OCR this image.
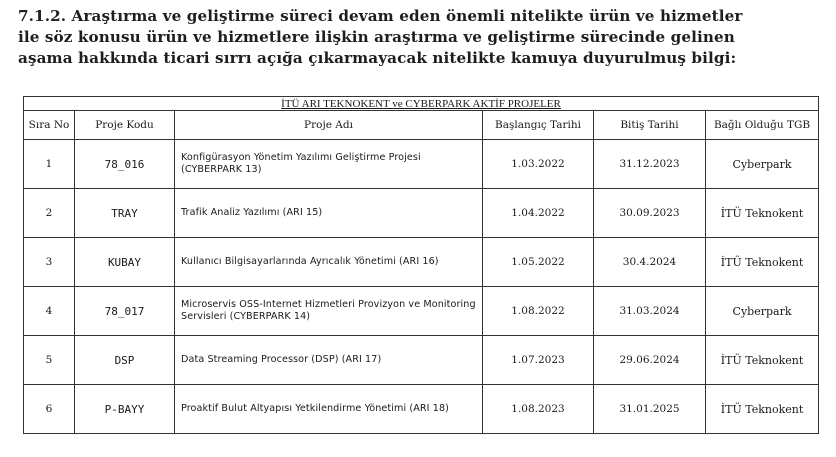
7.1.2. Araştırma ve geliştirme süreci devam eden önemli nitelikte ürün ve hizmetler

ile söz konusu ürün ve hizmetlere ilişkin araştırma ve geliştirme sürecinde gelinen

aşama hakkında ticari sırrı açığa çıkarmayacak nitelikte kamuya duyurulmuş bilgi:

İTÜ ARI TEKNOKENT ve CYBERPARK AKTİF PROJELER					
Sıra No	Proje Kodu	Proje Adı	Başlangıç Tarihi	Bitiş Tarihi	Bağlı Olduğu TGB
1	78_016	Konfigürasyon Yönetim Yazılımı Geliştirme Projesi (CYBERPARK 13)	1.03.2022	31.12.2023	Cyberpark
2	TRAY	Trafik Analiz Yazılımı (ARI 15)	1.04.2022	30.09.2023	İTÜ Teknokent
3	KUBAY	Kullanıcı Bilgisayarlarında Ayrıcalık Yönetimi (ARI 16)	1.05.2022	30.4.2024	İTÜ Teknokent
4	78_017	Microservis OSS-Internet Hizmetleri Provizyon ve Monitoring Servisleri (CYBERPARK 14)	1.08.2022	31.03.2024	Cyberpark
5	DSP	Data Streaming Processor (DSP) (ARI 17)	1.07.2023	29.06.2024	İTÜ Teknokent
6	P-BAYY	Proaktif Bulut Altyapısı Yetkilendirme Yönetimi (ARI 18)	1.08.2023	31.01.2025	İTÜ Teknokent
